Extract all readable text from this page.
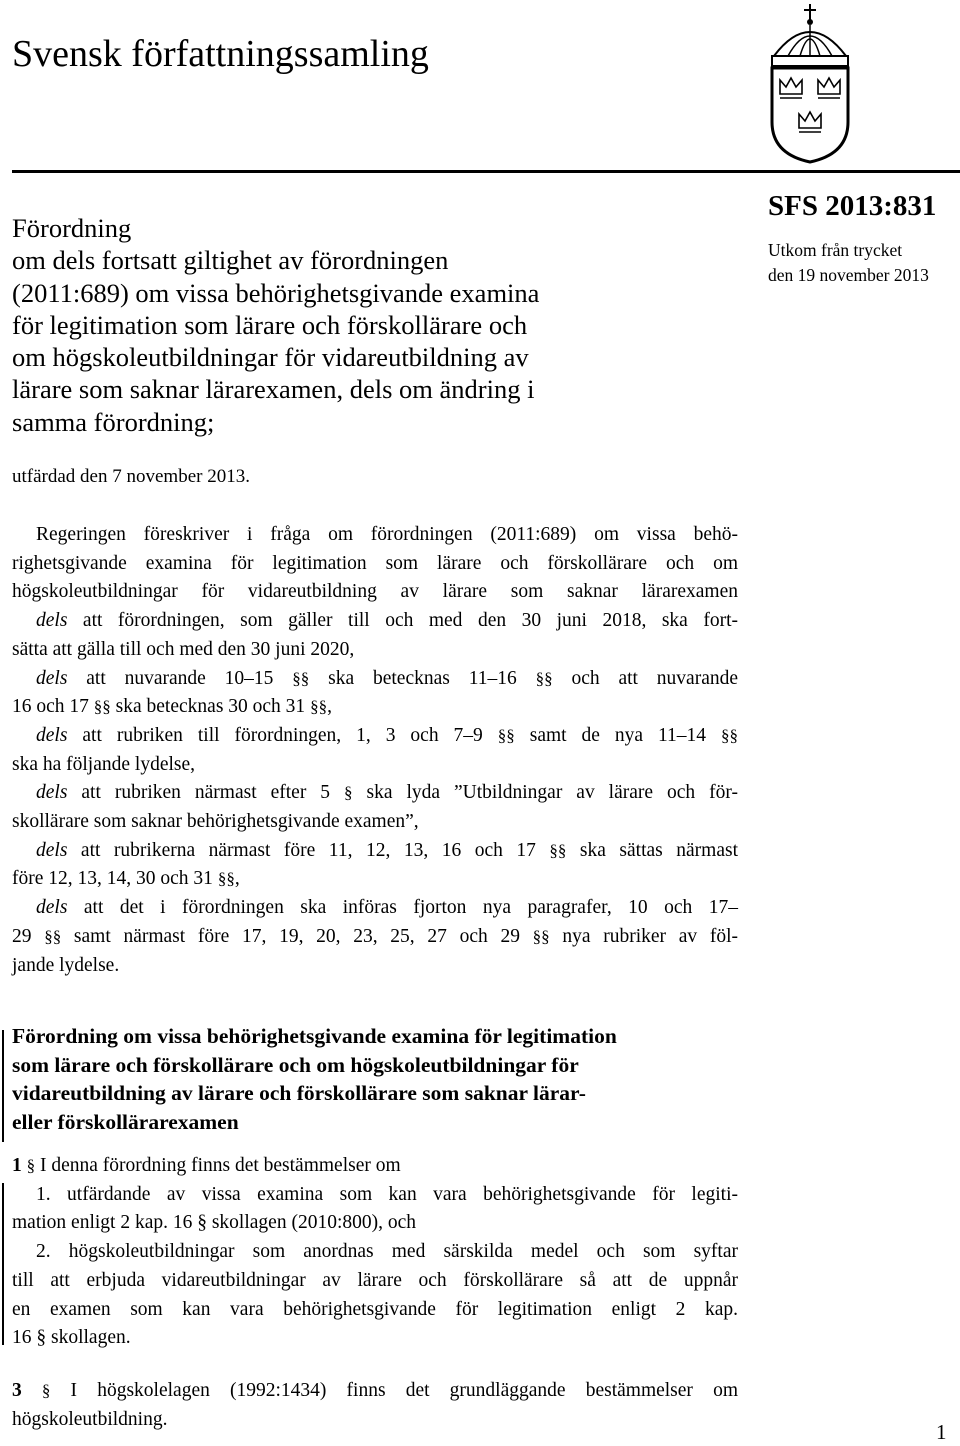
Svensk författningssamling
SFS 2013:831
Utkom från trycket
den 19 november 2013
Förordning
om dels fortsatt giltighet av förordningen
(2011:689) om vissa behörighetsgivande examina
för legitimation som lärare och förskollärare och
om högskoleutbildningar för vidareutbildning av
lärare som saknar lärarexamen, dels om ändring i
samma förordning;
utfärdad den 7 november 2013.
Regeringen föreskriver i fråga om förordningen (2011:689) om vissa behö-
righetsgivande examina för legitimation som lärare och förskollärare och om
högskoleutbildningar för vidareutbildning av lärare som saknar lärarexamen
dels att förordningen, som gäller till och med den 30 juni 2018, ska fort-
sätta att gälla till och med den 30 juni 2020,
dels att nuvarande 10–15 §§ ska betecknas 11–16 §§ och att nuvarande
16 och 17 §§ ska betecknas 30 och 31 §§,
dels att rubriken till förordningen, 1, 3 och 7–9 §§ samt de nya 11–14 §§
ska ha följande lydelse,
dels att rubriken närmast efter 5 § ska lyda ”Utbildningar av lärare och för-
skollärare som saknar behörighetsgivande examen”,
dels att rubrikerna närmast före 11, 12, 13, 16 och 17 §§ ska sättas närmast
före 12, 13, 14, 30 och 31 §§,
dels att det i förordningen ska införas fjorton nya paragrafer, 10 och 17–
29 §§ samt närmast före 17, 19, 20, 23, 25, 27 och 29 §§ nya rubriker av föl-
jande lydelse.
Förordning om vissa behörighetsgivande examina för legitimation
som lärare och förskollärare och om högskoleutbildningar för
vidareutbildning av lärare och förskollärare som saknar lärar-
eller förskollärarexamen
1 § I denna förordning finns det bestämmelser om
1. utfärdande av vissa examina som kan vara behörighetsgivande för legiti-
mation enligt 2 kap. 16 § skollagen (2010:800), och
2. högskoleutbildningar som anordnas med särskilda medel och som syftar
till att erbjuda vidareutbildningar av lärare och förskollärare så att de uppnår
en examen som kan vara behörighetsgivande för legitimation enligt 2 kap.
16 § skollagen.
3 § I högskolelagen (1992:1434) finns det grundläggande bestämmelser om
högskoleutbildning.
1
